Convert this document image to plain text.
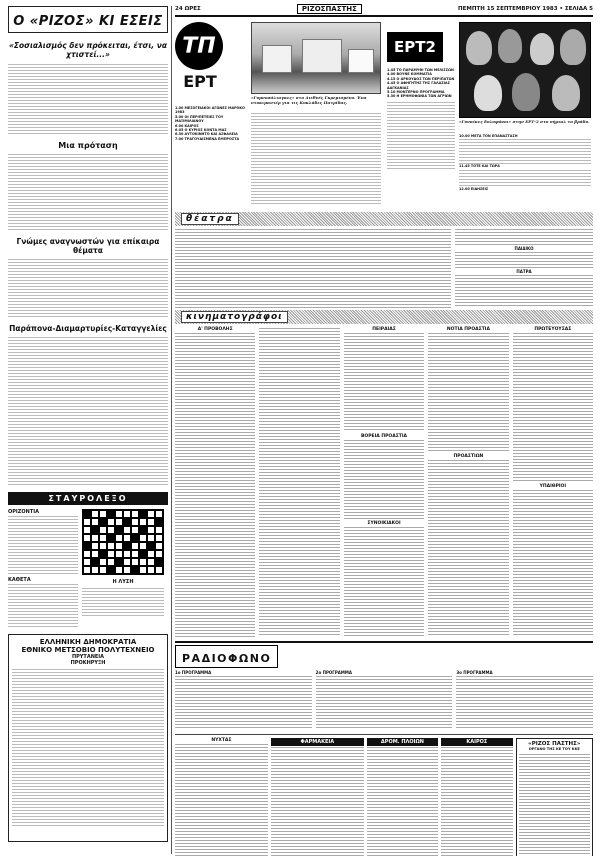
Ο «ΡΙΖΟΣ» ΚΙ ΕΣΕΙΣ
«Σοσιαλισμός δεν πρόκειται, έτσι, να χτιστεί...»
Μια πρόταση
Γνώμες αναγνωστών για επίκαιρα θέματα
Παράπονα-Διαμαρτυρίες-Καταγγελίες
ΣΤΑΥΡΟΛΕΞΟ
ΟΡΙΖΟΝΤΙΑ
ΚΑΘΕΤΑ	Η ΛΥΣΗ
ΕΛΛΗΝΙΚΗ ΔΗΜΟΚΡΑΤΙΑ
ΕΘΝΙΚΟ ΜΕΤΣΟΒΙΟ ΠΟΛΥΤΕΧΝΕΙΟ
ΠΡΥΤΑΝΕΙΑ
ΠΡΟΚΗΡΥΞΗ
24 ΩΡΕΣ	ΡΙΖΟΣΠΑΣΤΗΣ	ΠΕΜΠΤΗ 15 ΣΕΠΤΕΜΒΡΙΟΥ 1983 • ΣΕΛΙΔΑ 5
ΤΠ
ΕΡΤ
1.00 ΜΕΣΟΓΕΙΑΚΟΙ ΑΓΩΝΕΣ ΜΑΡΟΚΟ 1983
5.00 ΟΙ ΠΕΡΙΠΕΤΕΙΕΣ ΤΟΥ ΜΑΞΙΜΙΛΙΑΝΟΥ
6.00 ΚΑΙΡΟΣ
6.05 Ο ΚΥΡΙΟΣ ΚΟΝΤΑ ΜΑΣ
6.30 ΑΥΤΟΚΙΝΗΤΟ ΚΑΙ ΑΣΦΑΛΕΙΑ
7.00 ΤΡΑΓΟΥΔΙΣΜΕΝΑ ΕΜΠΡΟΣΤΑ
«Γυμνοσάλιαγκες» στο Διεθνές Γκρεμισμένο. Ένα ντοκιμαντέρ για τις Κυκλάδες Πατρίδας.
ΕΡΤ2
1.45 ΤΟ ΠΑΡΑΜΥΘΙ ΤΩΝ ΜΕΛΙΣΣΩΝ
4.00 ΒΟΥΝΕ ΚΟΜΜΑΤΙΑ
4.15 Ο ΑΡΚΟΥΔΟΣ ΤΩΝ ΠΕΡΙΠΑΤΩΝ
4.45 Ο ΑΦΗΓΗΤΗΣ ΤΗΣ ΓΑΛΑΖΙΑΣ ΔΑΓΚΑΝΙΑΣ
5.10 ΜΟΝΤΕΡΝΟ ΠΡΟΓΡΑΜΜΑ
5.30 Η ΕΡΗΜΟΦΩΝΙΑ ΤΩΝ ΑΓΡΙΩΝ
«Γυναίκες δολοφόνοι» στην ΕΡΤ-2 στο σήριαλ το βράδυ.
10.00 ΜΕΤΑ ΤΟΝ ΕΠΑΝΑΣΤΑΣΗ
11.45 ΤΟΤΕ ΚΑΙ ΤΩΡΑ
12.00 ΕΙΔΗΣΕΙΣ
θέατρα
ΠΑΙΔΙΚΟ
ΠΑΤΡΑ
κινηματογράφοι
Α' ΠΡΟΒΟΛΗΣ	ΠΕΙΡΑΙΑΣ
ΒΟΡΕΙΑ ΠΡΟΑΣΤΙΑ
ΣΥΝΟΙΚΙΑΚΟΙ
ΝΟΤΙΑ ΠΡΟΑΣΤΙΑ
ΠΡΟΑΣΤΙΩΝ
ΠΡΩΤΕΥΟΥΣΑΣ
ΥΠΑΙΘΡΙΟΙ
ΡΑΔΙΟΦΩΝΟ
1ο ΠΡΟΓΡΑΜΜΑ	2ο ΠΡΟΓΡΑΜΜΑ	3ο ΠΡΟΓΡΑΜΜΑ
ΝΥΧΤΑΣ	ΦΑΡΜΑΚΕΙΑ	ΔΡΟΜ. ΠΛΟΙΩΝ	ΚΑΙΡΟΣ	«ΡΙΖΟΣ ΠΑΣΤΗΣ»
ΟΡΓΑΝΟ ΤΗΣ ΚΕ ΤΟΥ ΚΚΕ
